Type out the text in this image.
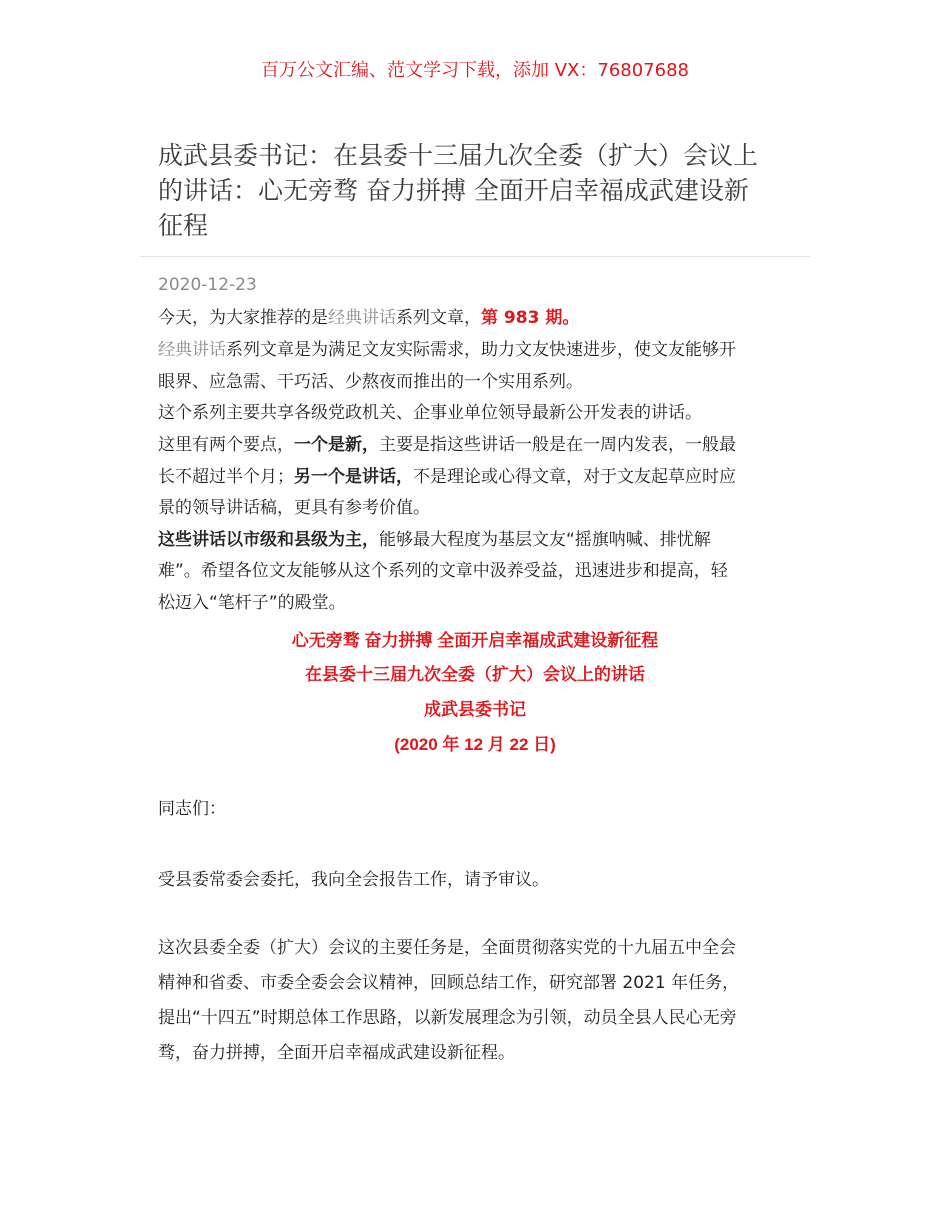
百万公文汇编、范文学习下载，添加 VX：76807688
成武县委书记：在县委十三届九次全委（扩大）会议上
的讲话：心无旁骛 奋力拼搏 全面开启幸福成武建设新
征程
2020-12-23
今天，为大家推荐的是经典讲话系列文章，第 983 期。
经典讲话系列文章是为满足文友实际需求，助力文友快速进步，使文友能够开
眼界、应急需、干巧活、少熬夜而推出的一个实用系列。
这个系列主要共享各级党政机关、企事业单位领导最新公开发表的讲话。
这里有两个要点，一个是新，主要是指这些讲话一般是在一周内发表，一般最
长不超过半个月；另一个是讲话，不是理论或心得文章，对于文友起草应时应
景的领导讲话稿，更具有参考价值。
这些讲话以市级和县级为主，能够最大程度为基层文友“摇旗呐喊、排忧解
难”。希望各位文友能够从这个系列的文章中汲养受益，迅速进步和提高，轻
松迈入“笔杆子”的殿堂。
心无旁骛 奋力拼搏 全面开启幸福成武建设新征程
在县委十三届九次全委（扩大）会议上的讲话
成武县委书记
(2020 年 12 月 22 日)
同志们：
受县委常委会委托，我向全会报告工作，请予审议。
这次县委全委（扩大）会议的主要任务是，全面贯彻落实党的十九届五中全会
精神和省委、市委全委会会议精神，回顾总结工作，研究部署 2021 年任务，
提出“十四五”时期总体工作思路，以新发展理念为引领，动员全县人民心无旁
骛，奋力拼搏，全面开启幸福成武建设新征程。
